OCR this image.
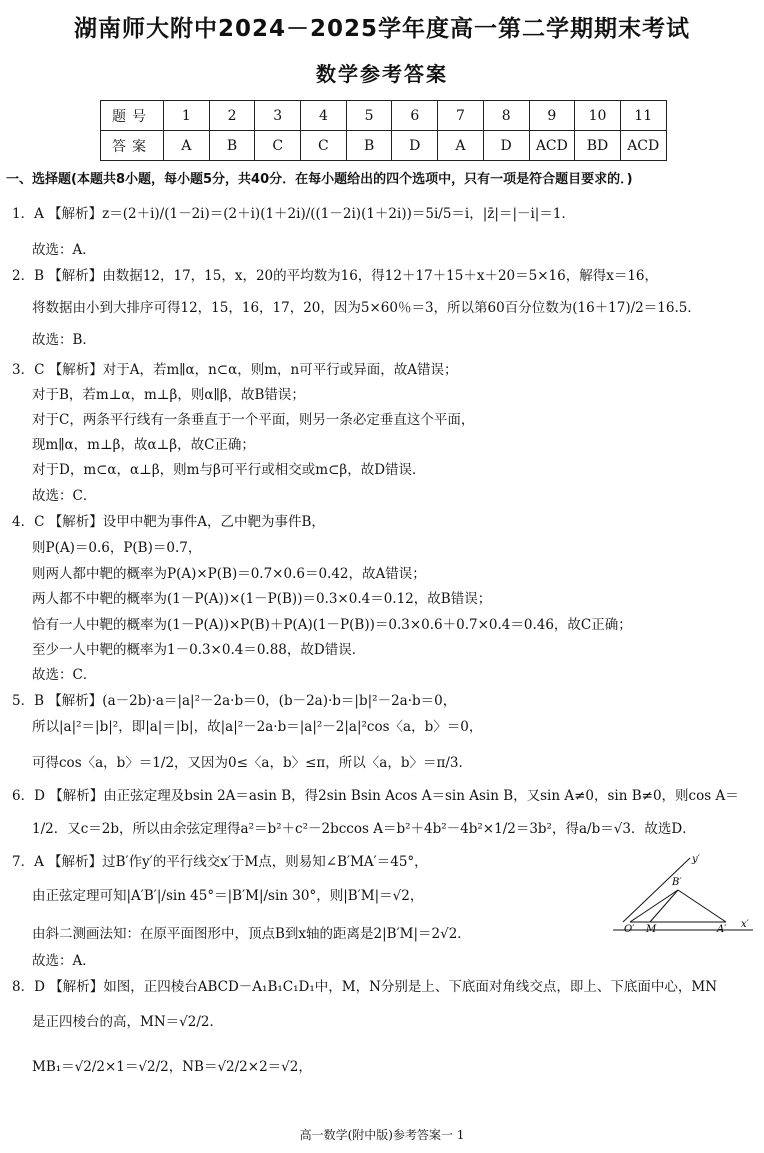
湖南师大附中2024－2025学年度高一第二学期期末考试
数学参考答案
题号	1	2	3	4	5	6	7	8	9	10	11
答案	A	B	C	C	B	D	A	D	ACD	BD	ACD
一、选择题(本题共8小题，每小题5分，共40分．在每小题给出的四个选项中，只有一项是符合题目要求的．)
1．A 【解析】z＝(2＋i)/(1－2i)＝(2＋i)(1＋2i)/((1－2i)(1＋2i))＝5i/5＝i，|z̄|＝|－i|＝1．
故选：A．
2．B 【解析】由数据12，17，15，x，20的平均数为16，得12＋17＋15＋x＋20＝5×16，解得x＝16，
将数据由小到大排序可得12，15，16，17，20，因为5×60％＝3，所以第60百分位数为(16＋17)/2＝16.5．
故选：B．
3．C 【解析】对于A，若m∥α，n⊂α，则m，n可平行或异面，故A错误；
对于B，若m⊥α，m⊥β，则α∥β，故B错误；
对于C，两条平行线有一条垂直于一个平面，则另一条必定垂直这个平面，
现m∥α，m⊥β，故α⊥β，故C正确；
对于D，m⊂α，α⊥β，则m与β可平行或相交或m⊂β，故D错误．
故选：C．
4．C 【解析】设甲中靶为事件A，乙中靶为事件B，
则P(A)＝0.6，P(B)＝0.7，
则两人都中靶的概率为P(A)×P(B)＝0.7×0.6＝0.42，故A错误；
两人都不中靶的概率为(1－P(A))×(1－P(B))＝0.3×0.4＝0.12，故B错误；
恰有一人中靶的概率为(1－P(A))×P(B)＋P(A)(1－P(B))＝0.3×0.6＋0.7×0.4＝0.46，故C正确；
至少一人中靶的概率为1－0.3×0.4＝0.88，故D错误．
故选：C．
5．B 【解析】(a－2b)·a＝|a|²－2a·b＝0，(b－2a)·b＝|b|²－2a·b＝0，
所以|a|²＝|b|²，即|a|＝|b|，故|a|²－2a·b＝|a|²－2|a|²cos〈a，b〉＝0，
可得cos〈a，b〉＝1/2，又因为0≤〈a，b〉≤π，所以〈a，b〉＝π/3．
6．D 【解析】由正弦定理及bsin 2A＝asin B，得2sin Bsin Acos A＝sin Asin B，又sin A≠0，sin B≠0，则cos A＝
1/2．又c＝2b，所以由余弦定理得a²＝b²＋c²－2bccos A＝b²＋4b²－4b²×1/2＝3b²，得a/b＝√3．故选D．
7．A 【解析】过B′作y′的平行线交x′于M点，则易知∠B′MA′＝45°，
由正弦定理可知|A′B′|/sin 45°＝|B′M|/sin 30°，则|B′M|＝√2，
由斜二测画法知：在原平面图形中，顶点B到x轴的距离是2|B′M|＝2√2．
故选：A．
8．D 【解析】如图，正四棱台ABCD－A₁B₁C₁D₁中，M，N分别是上、下底面对角线交点，即上、下底面中心，MN
是正四棱台的高，MN＝√2/2．
MB₁＝√2/2×1＝√2/2，NB＝√2/2×2＝√2，
y′
B′
O′ M	A′ x′
高一数学(附中版)参考答案一 1
